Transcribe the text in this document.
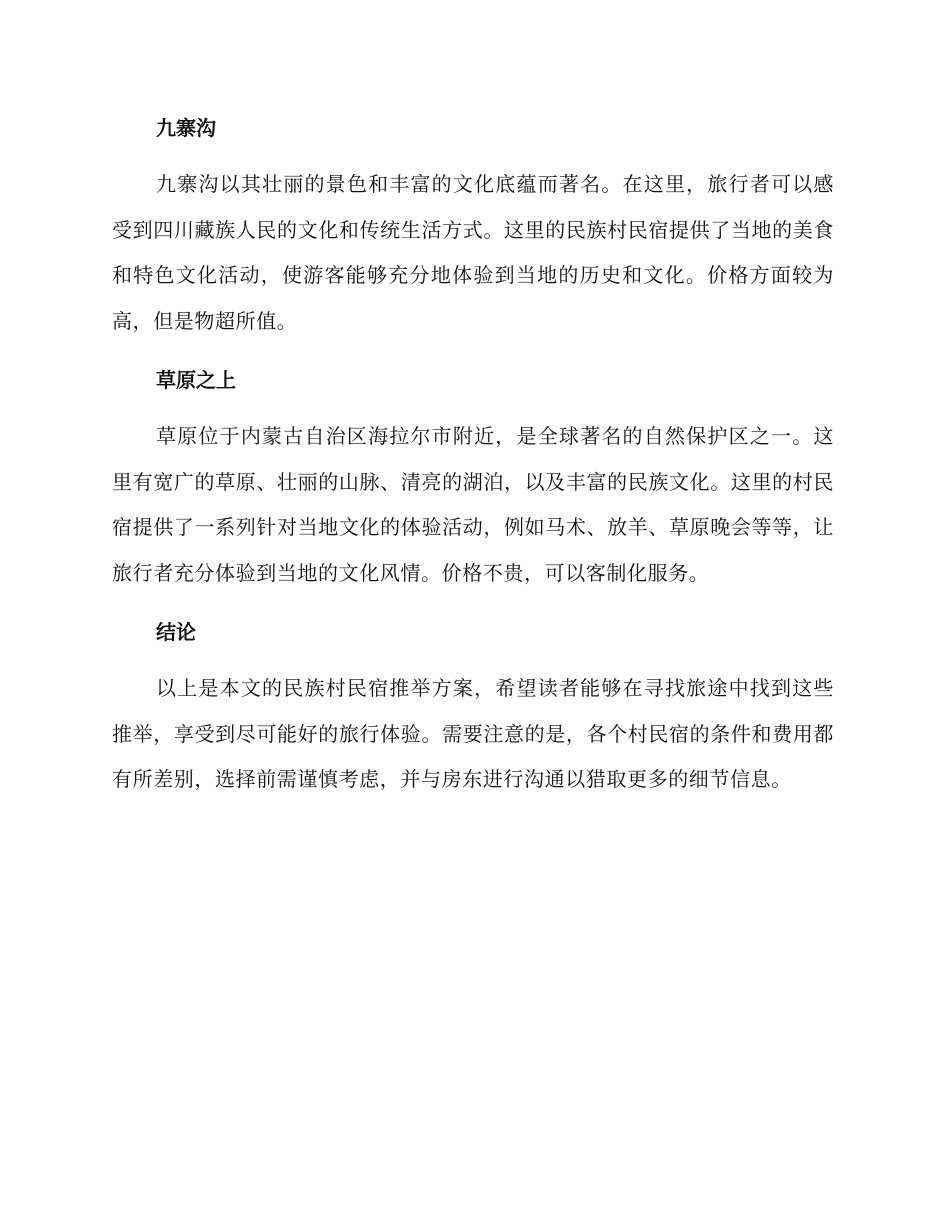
九寨沟

九寨沟以其壮丽的景色和丰富的文化底蕴而著名。在这里，旅行者可以感受到四川藏族人民的文化和传统生活方式。这里的民族村民宿提供了当地的美食和特色文化活动，使游客能够充分地体验到当地的历史和文化。价格方面较为高，但是物超所值。

草原之上

草原位于内蒙古自治区海拉尔市附近，是全球著名的自然保护区之一。这里有宽广的草原、壮丽的山脉、清亮的湖泊，以及丰富的民族文化。这里的村民宿提供了一系列针对当地文化的体验活动，例如马术、放羊、草原晚会等等，让旅行者充分体验到当地的文化风情。价格不贵，可以客制化服务。

结论

以上是本文的民族村民宿推举方案，希望读者能够在寻找旅途中找到这些推举，享受到尽可能好的旅行体验。需要注意的是，各个村民宿的条件和费用都有所差别，选择前需谨慎考虑，并与房东进行沟通以猎取更多的细节信息。
